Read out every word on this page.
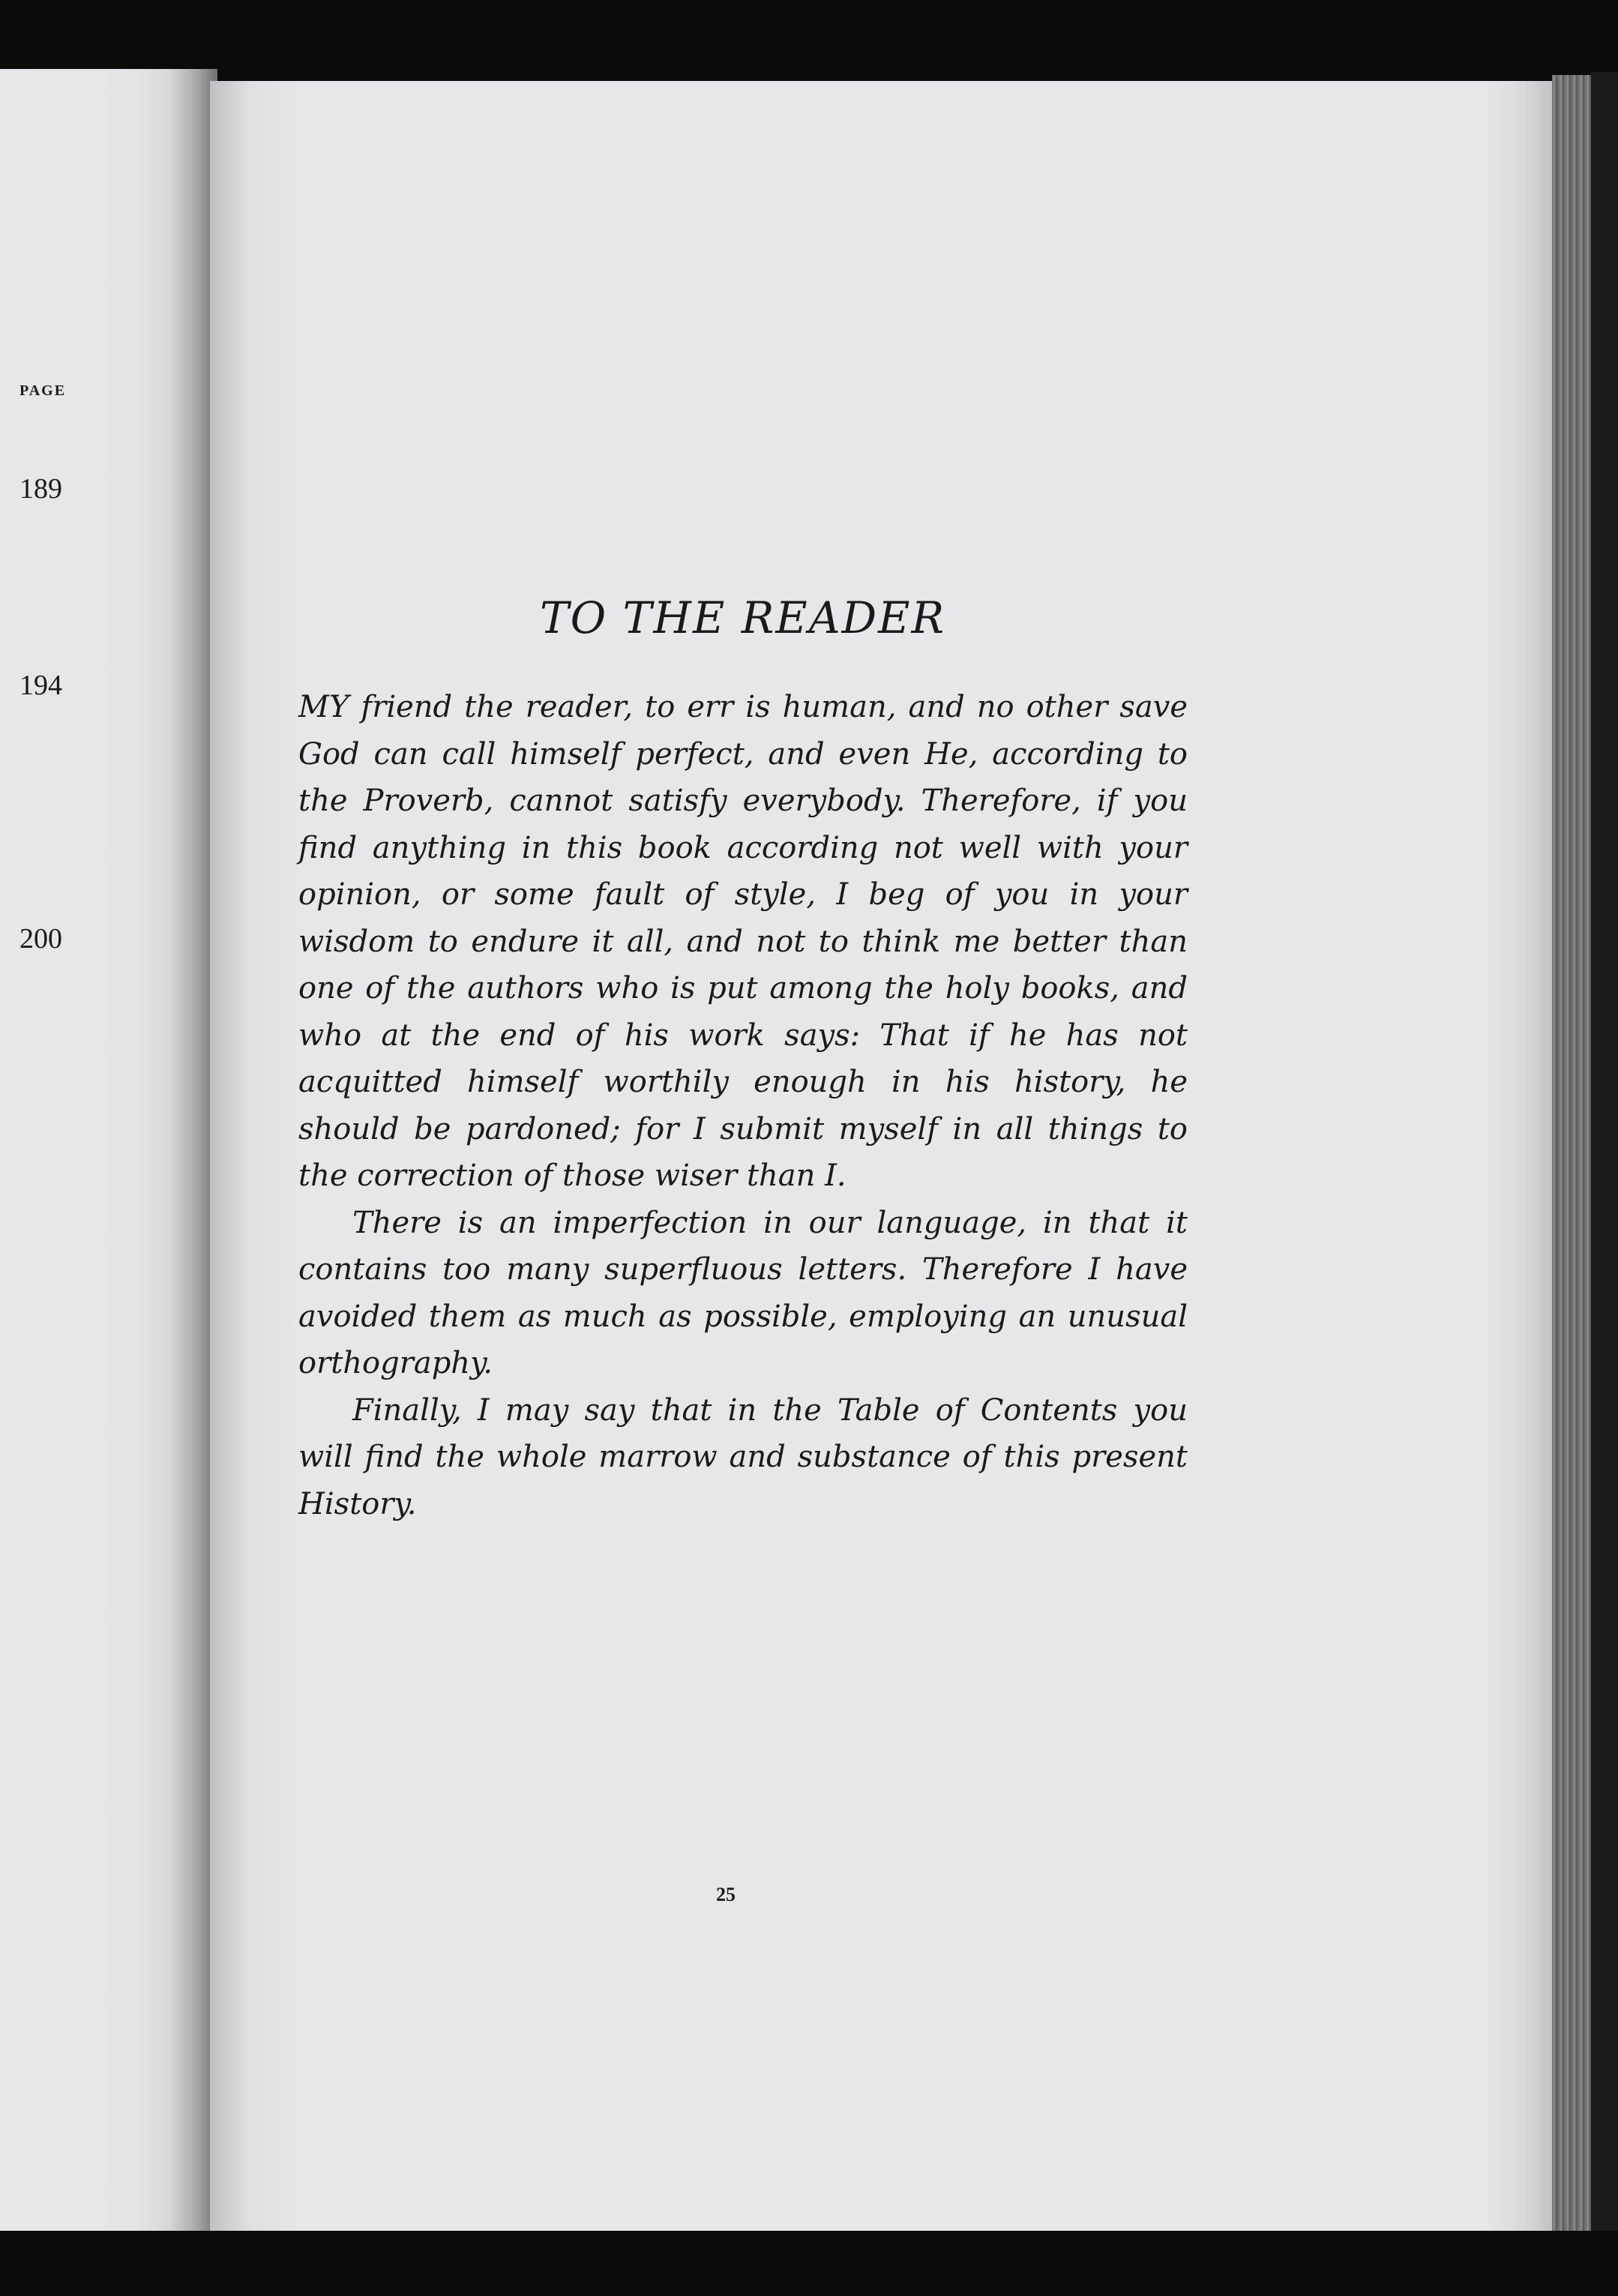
PAGE
189
194
200
TO THE READER

MY friend the reader, to err is human, and no other save God can call himself perfect, and even He, according to the Proverb, cannot satisfy everybody. Therefore, if you find anything in this book according not well with your opinion, or some fault of style, I beg of you in your wisdom to endure it all, and not to think me better than one of the authors who is put among the holy books, and who at the end of his work says: That if he has not acquitted himself worthily enough in his history, he should be pardoned; for I submit myself in all things to the correction of those wiser than I.

There is an imperfection in our language, in that it contains too many superfluous letters. Therefore I have avoided them as much as possible, employing an unusual orthography.

Finally, I may say that in the Table of Contents you will find the whole marrow and substance of this present History.

25
